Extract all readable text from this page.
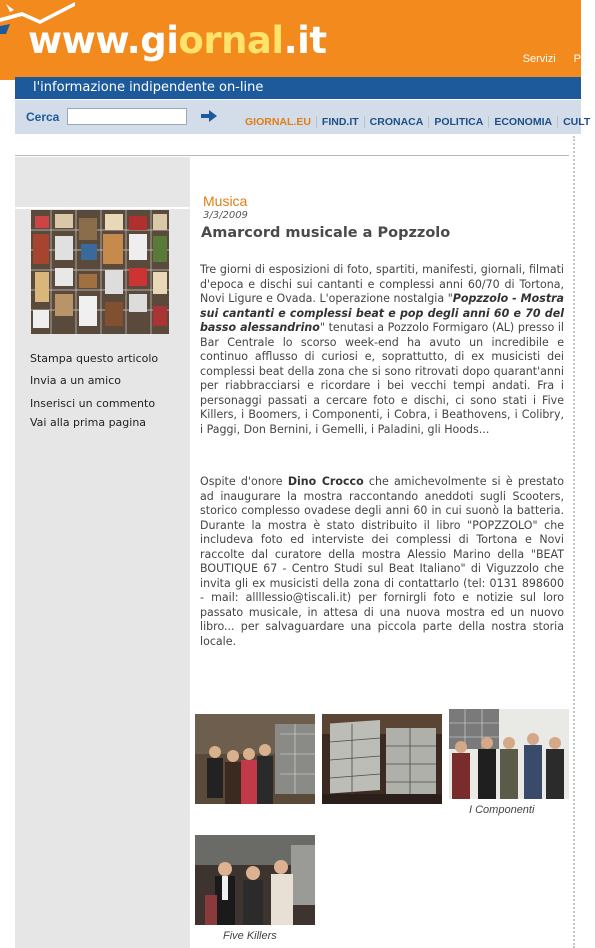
www.giornal.it	Servizi P
l'informazione indipendente on-line
Cerca	GIORNAL.EU FIND.IT CRONACA POLITICA ECONOMIA CULT
Stampa questo articolo
Invia a un amico
Inserisci un commento
Vai alla prima pagina
Musica
3/3/2009
Amarcord musicale a Popzzolo
Tre giorni di esposizioni di foto, spartiti, manifesti, giornali, filmati d'epoca e dischi sui cantanti e complessi anni 60/70 di Tortona, Novi Ligure e Ovada. L'operazione nostalgia "Popzzolo - Mostra sui cantanti e complessi beat e pop degli anni 60 e 70 del basso alessandrino" tenutasi a Pozzolo Formigaro (AL) presso il Bar Centrale lo scorso week-end ha avuto un incredibile e continuo afflusso di curiosi e, soprattutto, di ex musicisti dei complessi beat della zona che si sono ritrovati dopo quarant'anni per riabbracciarsi e ricordare i bei vecchi tempi andati. Fra i personaggi passati a cercare foto e dischi, ci sono stati i Five Killers, i Boomers, i Componenti, i Cobra, i Beathovens, i Colibry, i Paggi, Don Bernini, i Gemelli, i Paladini, gli Hoods...
Ospite d'onore Dino Crocco che amichevolmente si è prestato ad inaugurare la mostra raccontando aneddoti sugli Scooters, storico complesso ovadese degli anni 60 in cui suonò la batteria. Durante la mostra è stato distribuito il libro "POPZZOLO" che includeva foto ed interviste dei complessi di Tortona e Novi raccolte dal curatore della mostra Alessio Marino della "BEAT BOUTIQUE 67 - Centro Studi sul Beat Italiano" di Viguzzolo che invita gli ex musicisti della zona di contattarlo (tel: 0131 898600 - mail: allllessio@tiscali.it) per fornirgli foto e notizie sul loro passato musicale, in attesa di una nuova mostra ed un nuovo libro... per salvaguardare una piccola parte della nostra storia locale.
I Componenti
Five Killers
